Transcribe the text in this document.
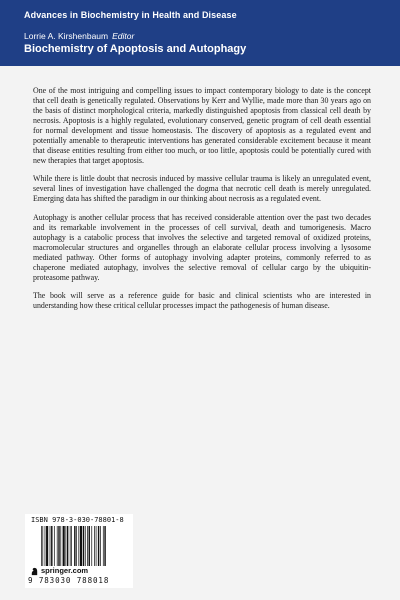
Advances in Biochemistry in Health and Disease
Lorrie A. Kirshenbaum Editor
Biochemistry of Apoptosis and Autophagy

One of the most intriguing and compelling issues to impact contemporary biology to date is the concept that cell death is genetically regulated. Observations by Kerr and Wyllie, made more than 30 years ago on the basis of distinct morphological criteria, markedly distinguished apoptosis from classical cell death by necrosis. Apoptosis is a highly regulated, evolutionary conserved, genetic program of cell death essential for normal development and tissue homeostasis. The discovery of apoptosis as a regulated event and potentially amenable to therapeutic interventions has generated considerable excitement because it meant that disease entities resulting from either too much, or too little, apoptosis could be potentially cured with new therapies that target apoptosis.

While there is little doubt that necrosis induced by massive cellular trauma is likely an unregulated event, several lines of investigation have challenged the dogma that necrotic cell death is merely unregulated. Emerging data has shifted the paradigm in our thinking about necrosis as a regulated event.

Autophagy is another cellular process that has received considerable attention over the past two decades and its remarkable involvement in the processes of cell survival, death and tumorigenesis. Macro autophagy is a catabolic process that involves the selective and targeted removal of oxidized proteins, macromolecular structures and organelles through an elaborate cellular process involving a lysosome mediated pathway. Other forms of autophagy involving adapter proteins, commonly referred to as chaperone mediated autophagy, involves the selective removal of cellular cargo by the ubiquitin-proteasome pathway.

The book will serve as a reference guide for basic and clinical scientists who are interested in understanding how these critical cellular processes impact the pathogenesis of human disease.

ISBN 978-3-030-78801-8
springer.com
9 783030 788018
